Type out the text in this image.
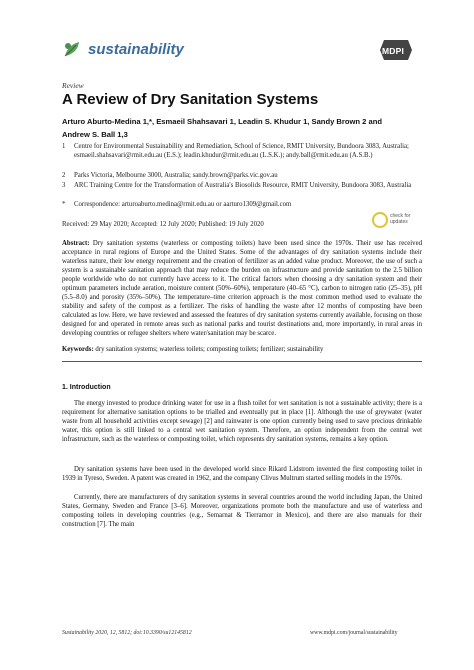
sustainability	MDPI
Review
A Review of Dry Sanitation Systems
Arturo Aburto-Medina 1,*, Esmaeil Shahsavari 1, Leadin S. Khudur 1, Sandy Brown 2 and
Andrew S. Ball 1,3
1	Centre for Environmental Sustainability and Remediation, School of Science, RMIT University, Bundoora 3083, Australia; esmaeil.shahsavari@rmit.edu.au (E.S.); leadin.khudur@rmit.edu.au (L.S.K.); andy.ball@rmit.edu.au (A.S.B.)
2	Parks Victoria, Melbourne 3000, Australia; sandy.brown@parks.vic.gov.au
3	ARC Training Centre for the Transformation of Australia's Biosolids Resource, RMIT University, Bundoora 3083, Australia
*	Correspondence: arturoaburto.medina@rmit.edu.au or aarturo1309@gmail.com
Received: 29 May 2020; Accepted: 12 July 2020; Published: 19 July 2020
check for
updates
Abstract: Dry sanitation systems (waterless or composting toilets) have been used since the 1970s. Their use has received acceptance in rural regions of Europe and the United States. Some of the advantages of dry sanitation systems include their waterless nature, their low energy requirement and the creation of fertilizer as an added value product. Moreover, the use of such a system is a sustainable sanitation approach that may reduce the burden on infrastructure and provide sanitation to the 2.5 billion people worldwide who do not currently have access to it. The critical factors when choosing a dry sanitation system and their optimum parameters include aeration, moisture content (50%–60%), temperature (40–65 °C), carbon to nitrogen ratio (25–35), pH (5.5–8.0) and porosity (35%–50%). The temperature–time criterion approach is the most common method used to evaluate the stability and safety of the compost as a fertilizer. The risks of handling the waste after 12 months of composting have been calculated as low. Here, we have reviewed and assessed the features of dry sanitation systems currently available, focusing on those designed for and operated in remote areas such as national parks and tourist destinations and, more importantly, in rural areas in developing countries or refugee shelters where water/sanitation may be scarce.
Keywords: dry sanitation systems; waterless toilets; composting toilets; fertilizer; sustainability
1. Introduction
The energy invested to produce drinking water for use in a flush toilet for wet sanitation is not a sustainable activity; there is a requirement for alternative sanitation options to be trialled and eventually put in place [1]. Although the use of greywater (water waste from all household activities except sewage) [2] and rainwater is one option currently being used to save precious drinkable water, this option is still linked to a central wet sanitation system. Therefore, an option independent from the central wet infrastructure, such as the waterless or composting toilet, which represents dry sanitation systems, remains a key option.
Dry sanitation systems have been used in the developed world since Rikard Lidstrom invented the first composting toilet in 1939 in Tyreso, Sweden. A patent was created in 1962, and the company Clivus Multrum started selling models in the 1970s.
Currently, there are manufacturers of dry sanitation systems in several countries around the world including Japan, the United States, Germany, Sweden and France [3–6]. Moreover, organizations promote both the manufacture and use of waterless and composting toilets in developing countries (e.g., Semarnat & Tierramor in Mexico), and there are also manuals for their construction [7]. The main
Sustainability 2020, 12, 5812; doi:10.3390/su12145812	www.mdpi.com/journal/sustainability
